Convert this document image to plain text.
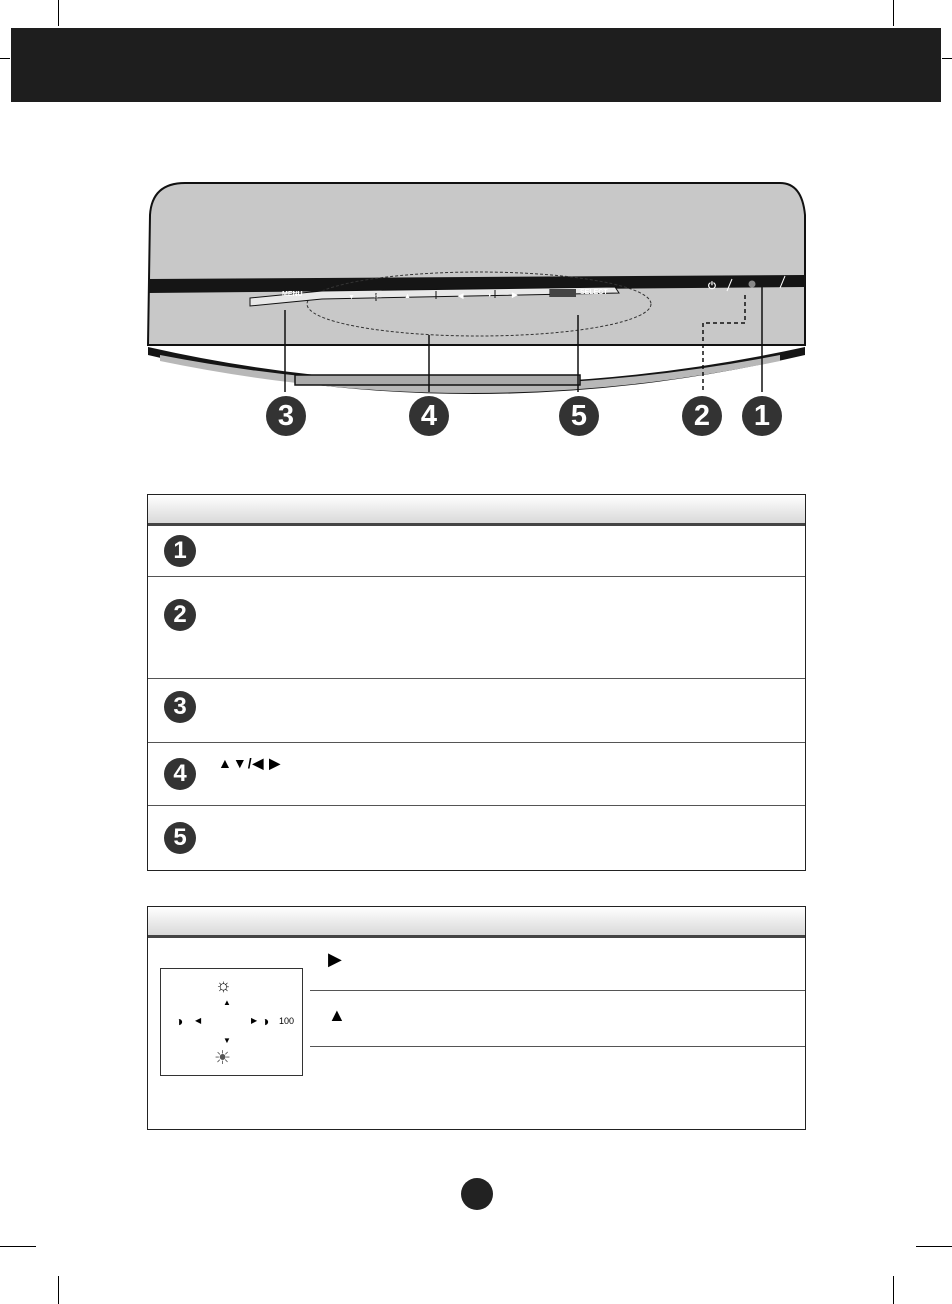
MENU	▼	☼	▲	◀	◑	▶	SELECT
⏻
3	4	5	2	1
1
2
3
4	▲▼/◀ ▶
5
☼
▲
◑ ◀	▶ ◑ 100
▼
☀
▶
▲
